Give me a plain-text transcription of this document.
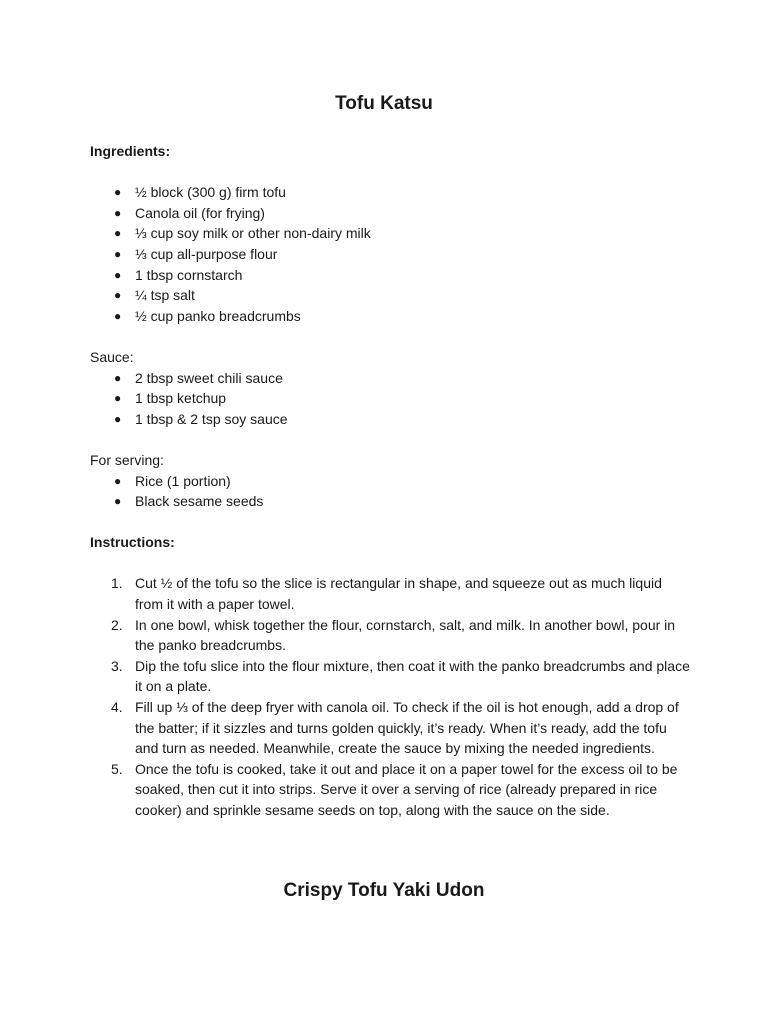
Tofu Katsu

Ingredients:

● ½ block (300 g) firm tofu
● Canola oil (for frying)
● ⅓ cup soy milk or other non-dairy milk
● ⅓ cup all-purpose flour
● 1 tbsp cornstarch
● ¼ tsp salt
● ½ cup panko breadcrumbs

Sauce:

● 2 tbsp sweet chili sauce
● 1 tbsp ketchup
● 1 tbsp & 2 tsp soy sauce

For serving:

● Rice (1 portion)
● Black sesame seeds

Instructions:

1. Cut ½ of the tofu so the slice is rectangular in shape, and squeeze out as much liquid from it with a paper towel.
2. In one bowl, whisk together the flour, cornstarch, salt, and milk. In another bowl, pour in the panko breadcrumbs.
3. Dip the tofu slice into the flour mixture, then coat it with the panko breadcrumbs and place it on a plate.
4. Fill up ⅓ of the deep fryer with canola oil. To check if the oil is hot enough, add a drop of the batter; if it sizzles and turns golden quickly, it’s ready. When it’s ready, add the tofu and turn as needed. Meanwhile, create the sauce by mixing the needed ingredients.
5. Once the tofu is cooked, take it out and place it on a paper towel for the excess oil to be soaked, then cut it into strips. Serve it over a serving of rice (already prepared in rice cooker) and sprinkle sesame seeds on top, along with the sauce on the side.
Crispy Tofu Yaki Udon
